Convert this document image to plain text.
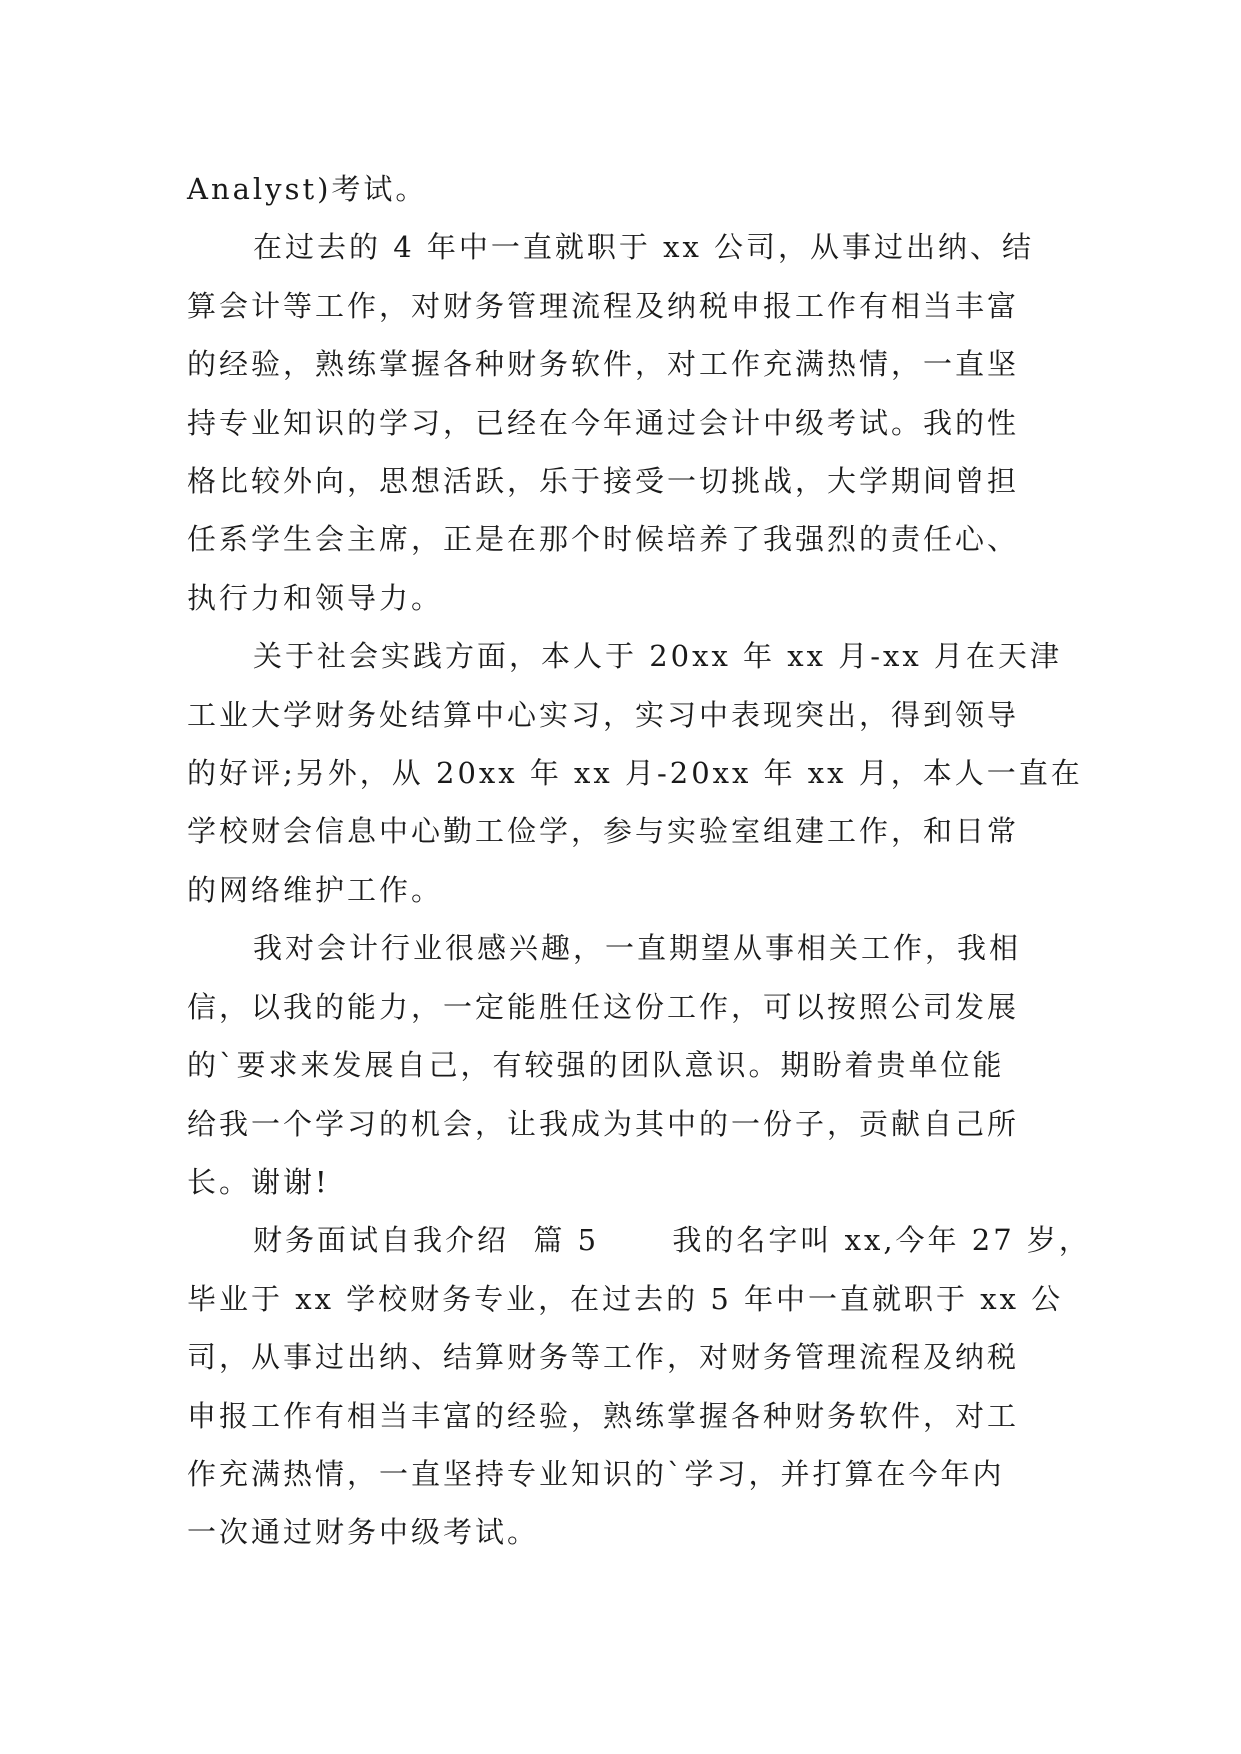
Analyst)考试。

在过去的 4 年中一直就职于 xx 公司，从事过出纳、结
算会计等工作，对财务管理流程及纳税申报工作有相当丰富
的经验，熟练掌握各种财务软件，对工作充满热情，一直坚
持专业知识的学习，已经在今年通过会计中级考试。我的性
格比较外向，思想活跃，乐于接受一切挑战，大学期间曾担
任系学生会主席，正是在那个时候培养了我强烈的责任心、
执行力和领导力。

关于社会实践方面，本人于 20xx 年 xx 月-xx 月在天津
工业大学财务处结算中心实习，实习中表现突出，得到领导
的好评;另外，从 20xx 年 xx 月-20xx 年 xx 月，本人一直在
学校财会信息中心勤工俭学，参与实验室组建工作，和日常
的网络维护工作。

我对会计行业很感兴趣，一直期望从事相关工作，我相
信，以我的能力，一定能胜任这份工作，可以按照公司发展
的`要求来发展自己，有较强的团队意识。期盼着贵单位能
给我一个学习的机会，让我成为其中的一份子，贡献自己所
长。谢谢!

财务面试自我介绍  篇 5      我的名字叫 xx,今年 27 岁，
毕业于 xx 学校财务专业，在过去的 5 年中一直就职于 xx 公
司，从事过出纳、结算财务等工作，对财务管理流程及纳税
申报工作有相当丰富的经验，熟练掌握各种财务软件，对工
作充满热情，一直坚持专业知识的`学习，并打算在今年内
一次通过财务中级考试。
